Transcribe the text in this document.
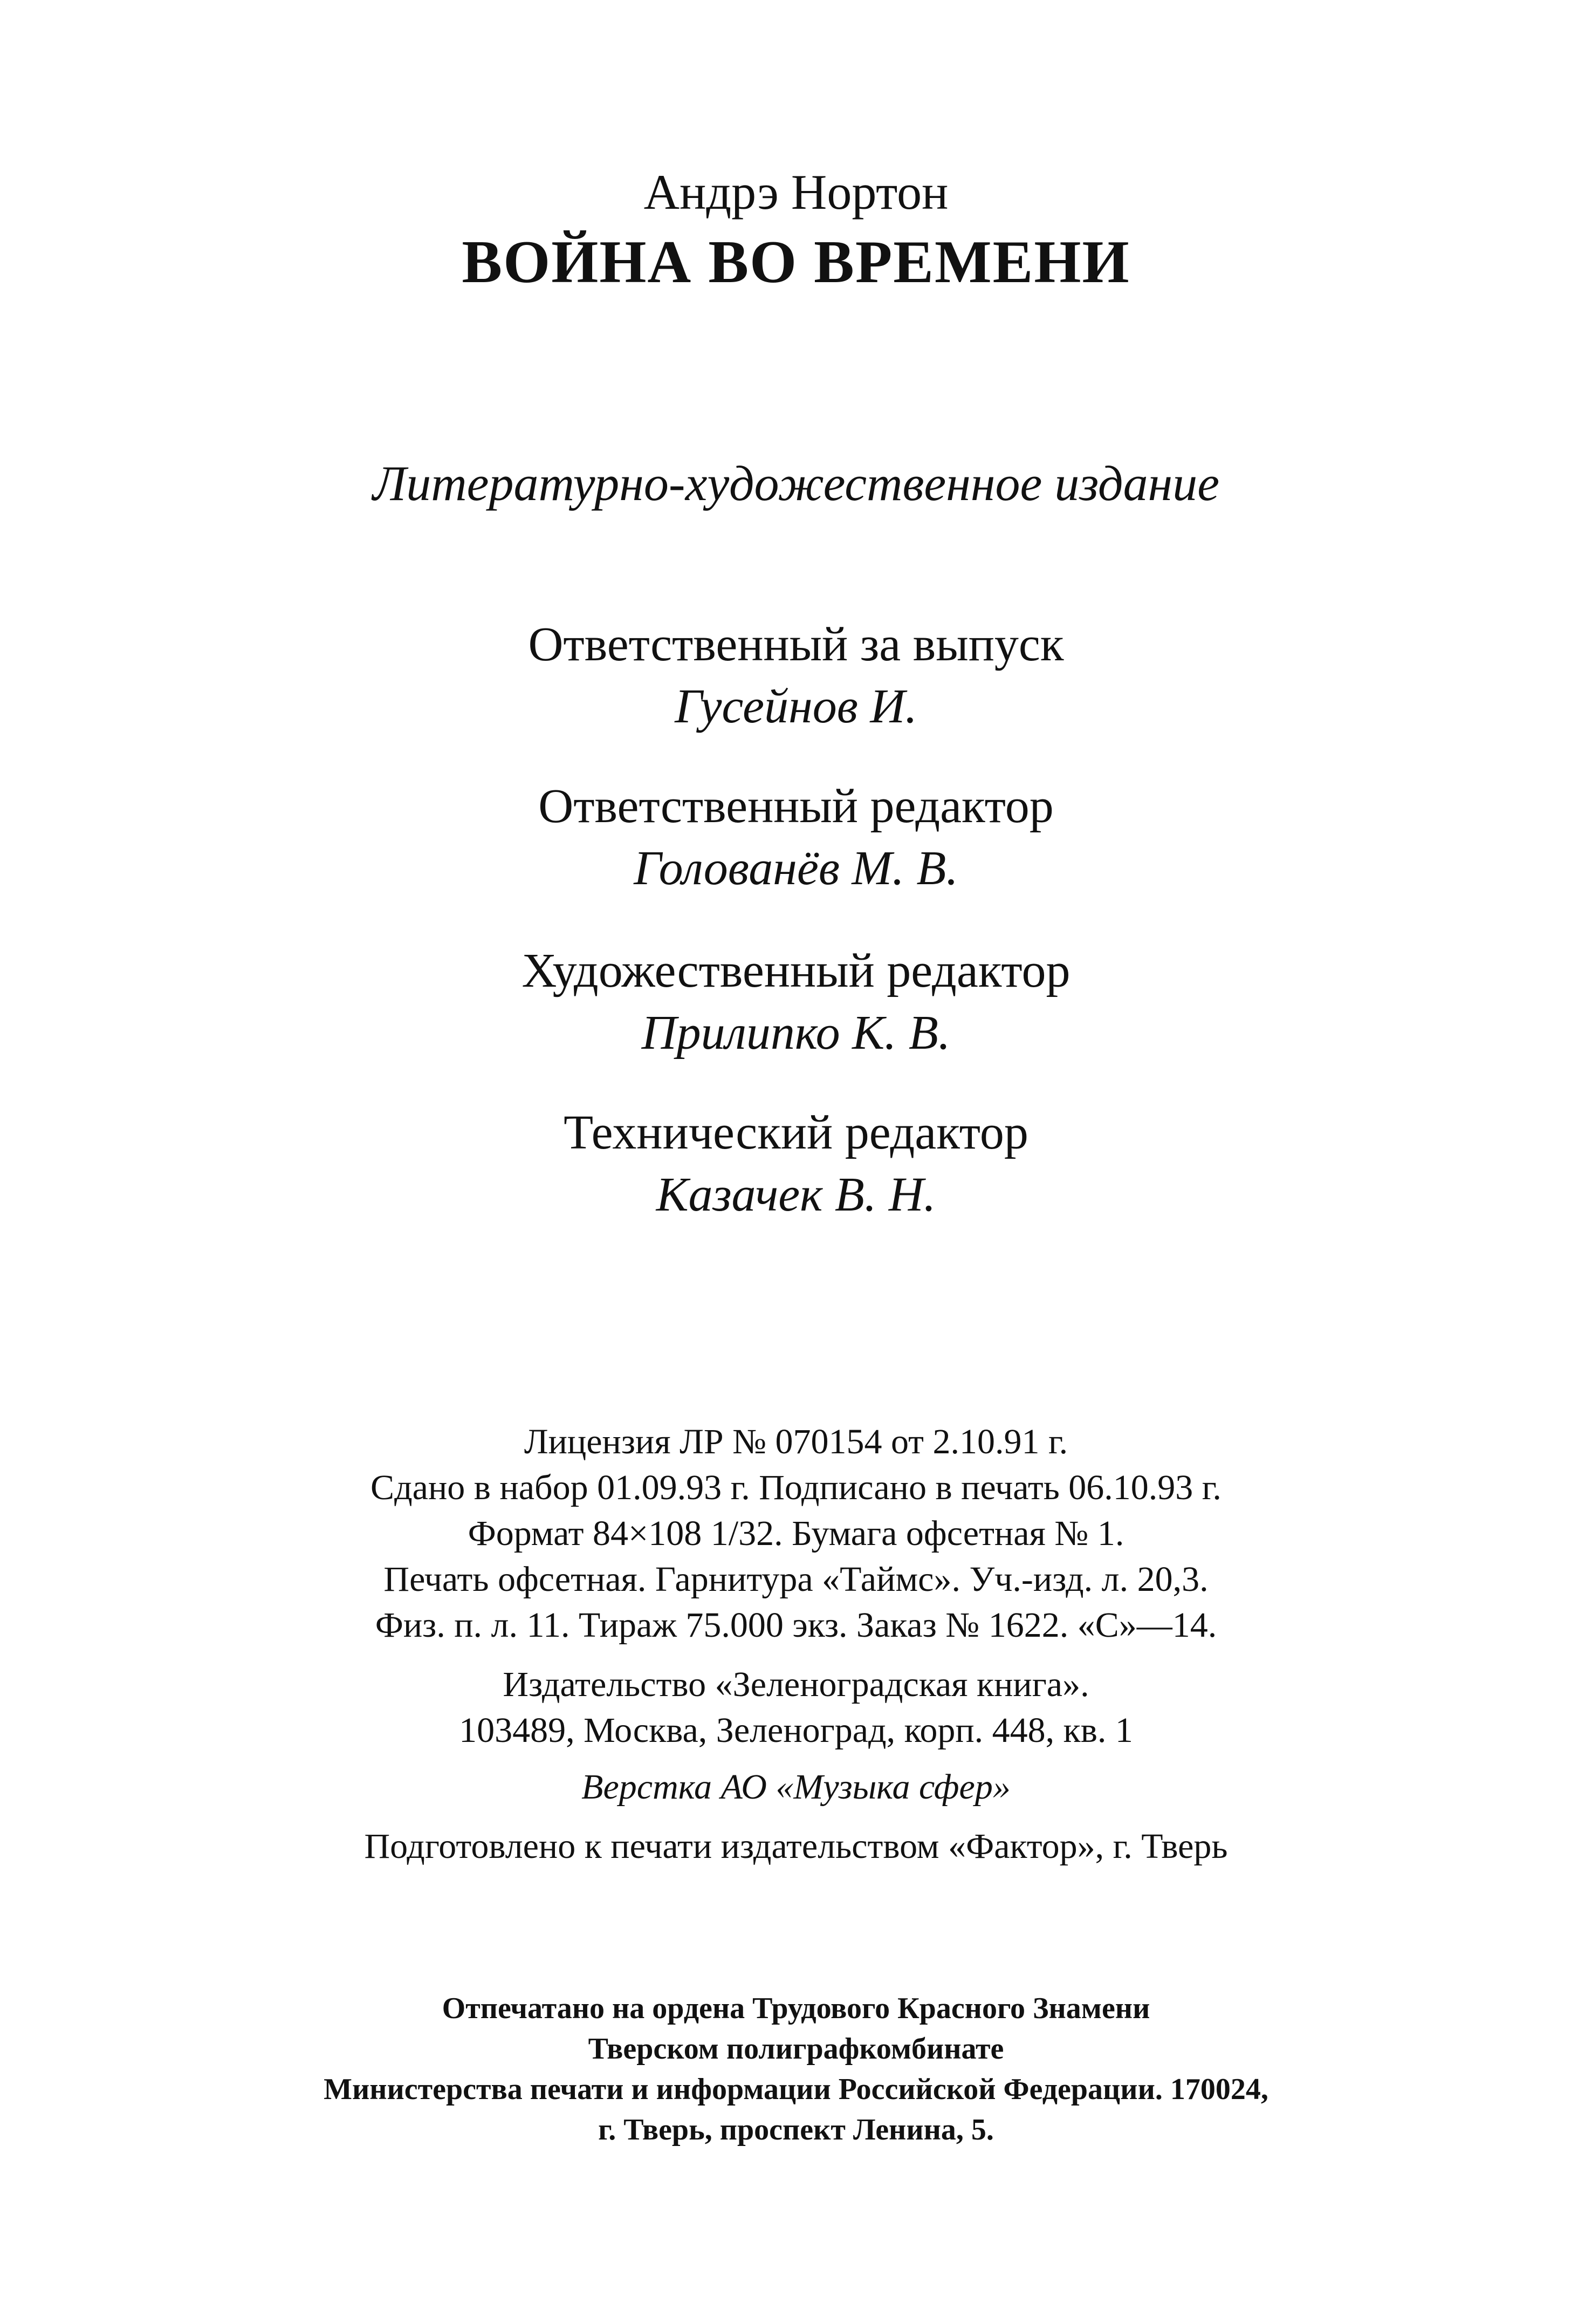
Андрэ Нортон
ВОЙНА ВО ВРЕМЕНИ
Литературно-художественное издание
Ответственный за выпуск
Гусейнов И.
Ответственный редактор
Голованёв М. В.
Художественный редактор
Прилипко К. В.
Технический редактор
Казачек В. Н.
Лицензия ЛР № 070154 от 2.10.91 г.
Сдано в набор 01.09.93 г. Подписано в печать 06.10.93 г.
Формат 84×108 1/32. Бумага офсетная № 1.
Печать офсетная. Гарнитура «Таймс». Уч.-изд. л. 20,3.
Физ. п. л. 11. Тираж 75.000 экз. Заказ № 1622. «С»—14.
Издательство «Зеленоградская книга».
103489, Москва, Зеленоград, корп. 448, кв. 1
Верстка АО «Музыка сфер»
Подготовлено к печати издательством «Фактор», г. Тверь
Отпечатано на ордена Трудового Красного Знамени
Тверском полиграфкомбинате
Министерства печати и информации Российской Федерации. 170024,
г. Тверь, проспект Ленина, 5.
